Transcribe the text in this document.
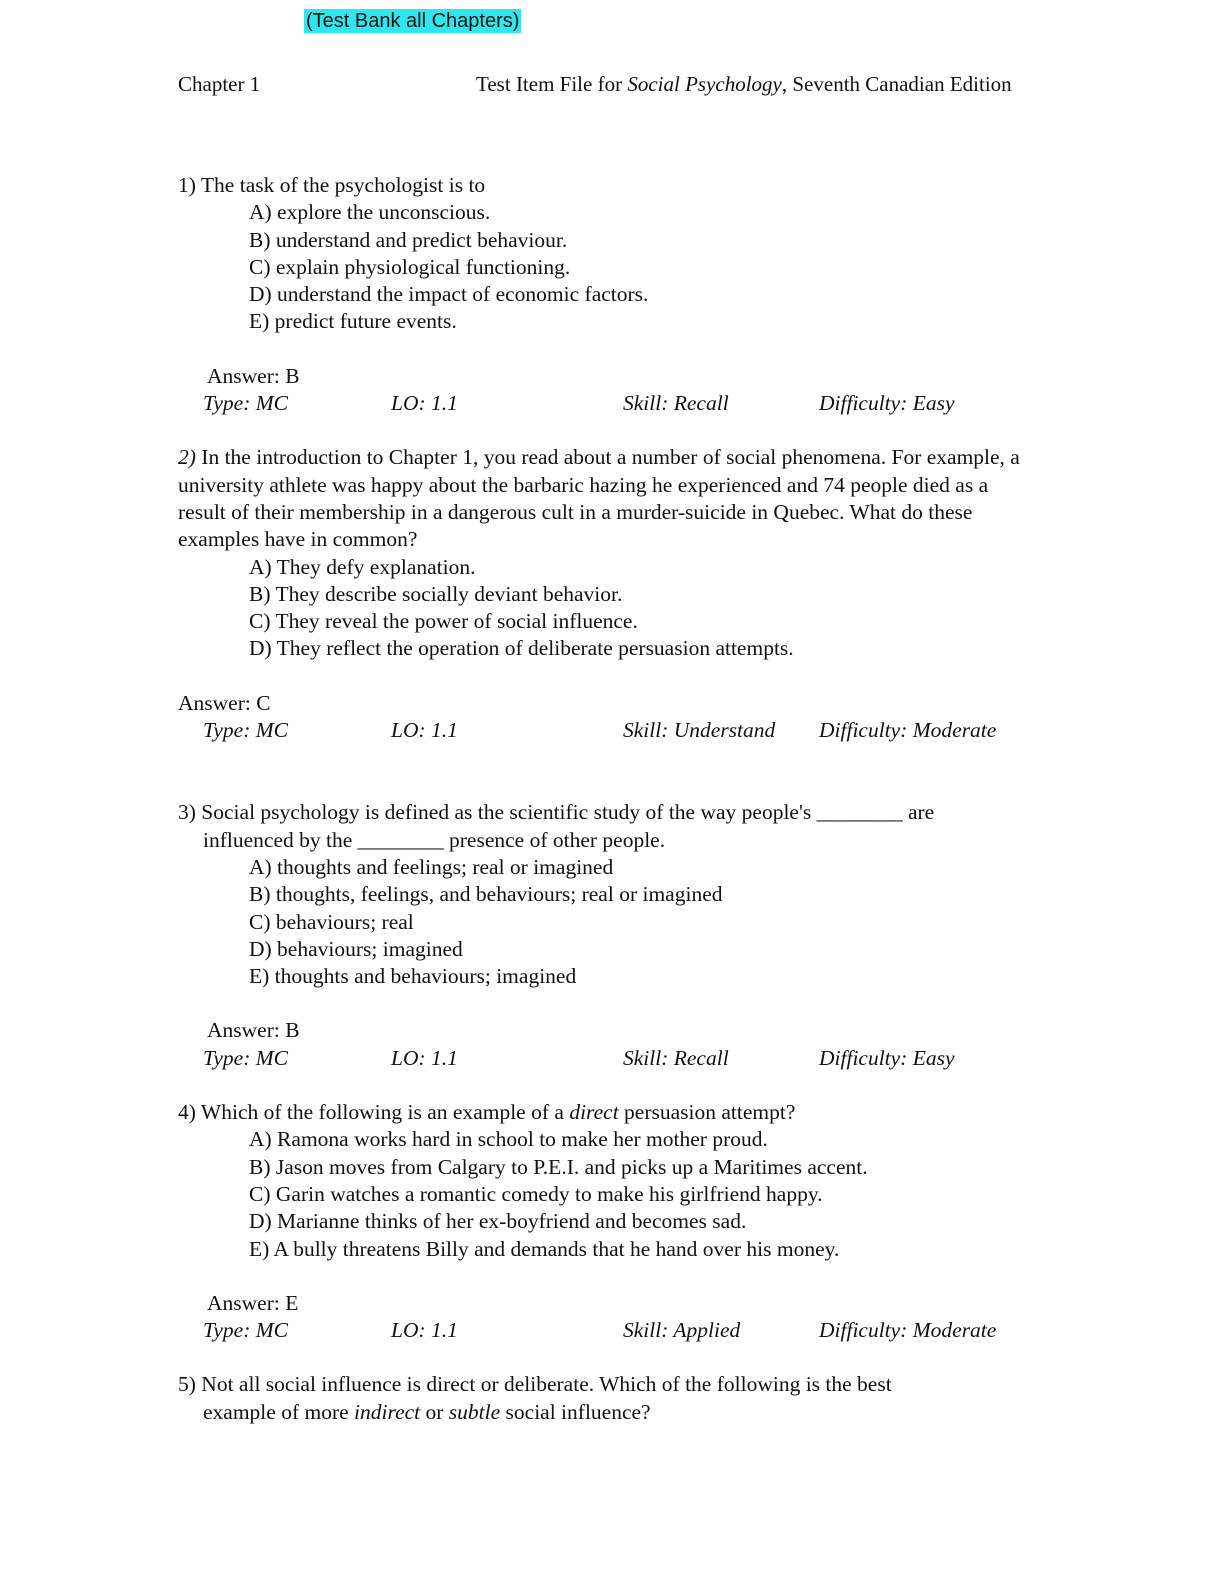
(Test Bank all Chapters)
Chapter 1	Test Item File for Social Psychology, Seventh Canadian Edition
1) The task of the psychologist is to
A) explore the unconscious.
B) understand and predict behaviour.
C) explain physiological functioning.
D) understand the impact of economic factors.
E) predict future events.
Answer: B
Type: MC	LO: 1.1	Skill: Recall	Difficulty: Easy
2) In the introduction to Chapter 1, you read about a number of social phenomena. For example, a university athlete was happy about the barbaric hazing he experienced and 74 people died as a result of their membership in a dangerous cult in a murder-suicide in Quebec. What do these examples have in common?
A) They defy explanation.
B) They describe socially deviant behavior.
C) They reveal the power of social influence.
D) They reflect the operation of deliberate persuasion attempts.
Answer: C
Type: MC	LO: 1.1	Skill: Understand	Difficulty: Moderate
3) Social psychology is defined as the scientific study of the way people's ________ are
influenced by the ________ presence of other people.
A) thoughts and feelings; real or imagined
B) thoughts, feelings, and behaviours; real or imagined
C) behaviours; real
D) behaviours; imagined
E) thoughts and behaviours; imagined
Answer: B
Type: MC	LO: 1.1	Skill: Recall	Difficulty: Easy
4) Which of the following is an example of a direct persuasion attempt?
A) Ramona works hard in school to make her mother proud.
B) Jason moves from Calgary to P.E.I. and picks up a Maritimes accent.
C) Garin watches a romantic comedy to make his girlfriend happy.
D) Marianne thinks of her ex-boyfriend and becomes sad.
E) A bully threatens Billy and demands that he hand over his money.
Answer: E
Type: MC	LO: 1.1	Skill: Applied	Difficulty: Moderate
5) Not all social influence is direct or deliberate. Which of the following is the best
example of more indirect or subtle social influence?
